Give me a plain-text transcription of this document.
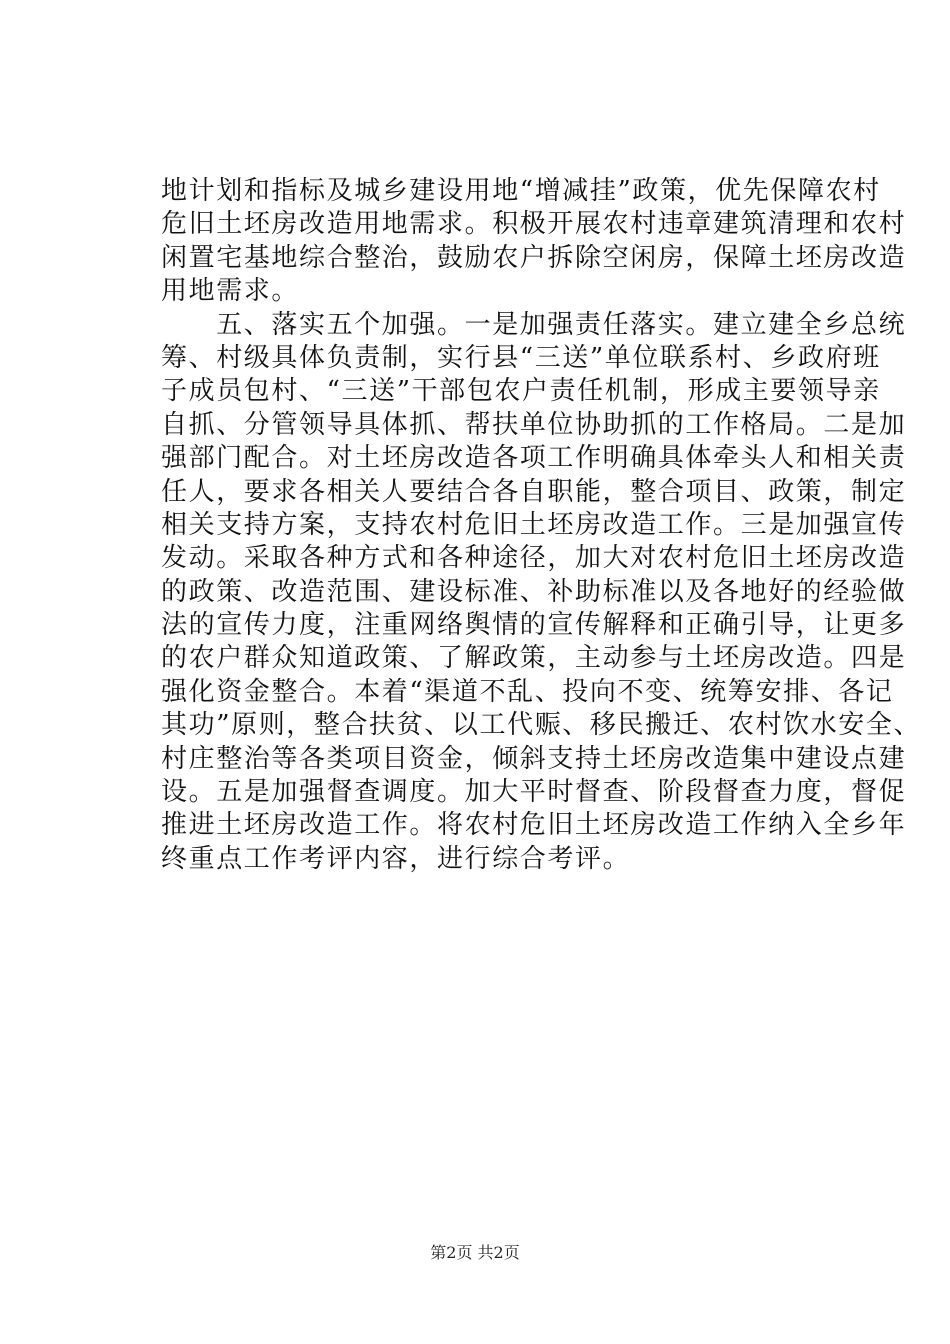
地计划和指标及城乡建设用地“增减挂”政策，优先保障农村
危旧土坯房改造用地需求。积极开展农村违章建筑清理和农村
闲置宅基地综合整治，鼓励农户拆除空闲房，保障土坯房改造
用地需求。
　　五、落实五个加强。一是加强责任落实。建立建全乡总统
筹、村级具体负责制，实行县“三送”单位联系村、乡政府班
子成员包村、“三送”干部包农户责任机制，形成主要领导亲
自抓、分管领导具体抓、帮扶单位协助抓的工作格局。二是加
强部门配合。对土坯房改造各项工作明确具体牵头人和相关责
任人，要求各相关人要结合各自职能，整合项目、政策，制定
相关支持方案，支持农村危旧土坯房改造工作。三是加强宣传
发动。采取各种方式和各种途径，加大对农村危旧土坯房改造
的政策、改造范围、建设标准、补助标准以及各地好的经验做
法的宣传力度，注重网络舆情的宣传解释和正确引导，让更多
的农户群众知道政策、了解政策，主动参与土坯房改造。四是
强化资金整合。本着“渠道不乱、投向不变、统筹安排、各记
其功”原则，整合扶贫、以工代赈、移民搬迁、农村饮水安全、
村庄整治等各类项目资金，倾斜支持土坯房改造集中建设点建
设。五是加强督查调度。加大平时督查、阶段督查力度，督促
推进土坯房改造工作。将农村危旧土坯房改造工作纳入全乡年
终重点工作考评内容，进行综合考评。
第2页 共2页
